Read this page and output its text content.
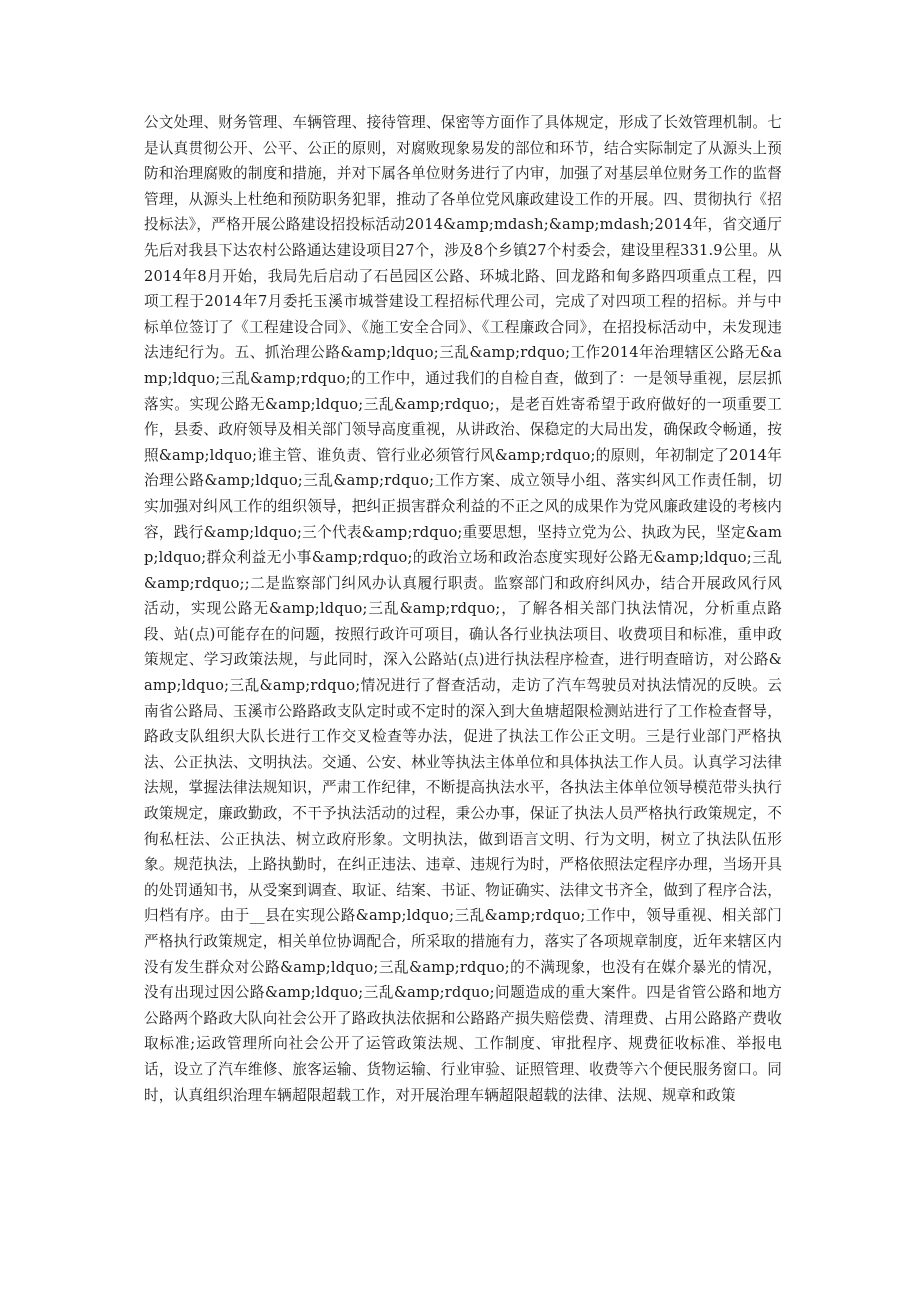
公文处理、财务管理、车辆管理、接待管理、保密等方面作了具体规定，形成了长效管理机制。七是认真贯彻公开、公平、公正的原则，对腐败现象易发的部位和环节，结合实际制定了从源头上预防和治理腐败的制度和措施，并对下属各单位财务进行了内审，加强了对基层单位财务工作的监督管理，从源头上杜绝和预防职务犯罪，推动了各单位党风廉政建设工作的开展。四、贯彻执行《招投标法》，严格开展公路建设招投标活动2014&amp;mdash;&amp;mdash;2014年，省交通厅先后对我县下达农村公路通达建设项目27个，涉及8个乡镇27个村委会，建设里程331.9公里。从2014年8月开始，我局先后启动了石邑园区公路、环城北路、回龙路和甸多路四项重点工程，四项工程于2014年7月委托玉溪市城誉建设工程招标代理公司，完成了对四项工程的招标。并与中标单位签订了《工程建设合同》、《施工安全合同》、《工程廉政合同》，在招投标活动中，未发现违法违纪行为。五、抓治理公路&amp;ldquo;三乱&amp;rdquo;工作2014年治理辖区公路无&amp;ldquo;三乱&amp;rdquo;的工作中，通过我们的自检自查，做到了：一是领导重视，层层抓落实。实现公路无&amp;ldquo;三乱&amp;rdquo;，是老百姓寄希望于政府做好的一项重要工作，县委、政府领导及相关部门领导高度重视，从讲政治、保稳定的大局出发，确保政令畅通，按照&amp;ldquo;谁主管、谁负责、管行业必须管行风&amp;rdquo;的原则，年初制定了2014年治理公路&amp;ldquo;三乱&amp;rdquo;工作方案、成立领导小组、落实纠风工作责任制，切实加强对纠风工作的组织领导，把纠正损害群众利益的不正之风的成果作为党风廉政建设的考核内容，践行&amp;ldquo;三个代表&amp;rdquo;重要思想，坚持立党为公、执政为民，坚定&amp;ldquo;群众利益无小事&amp;rdquo;的政治立场和政治态度实现好公路无&amp;ldquo;三乱&amp;rdquo;;二是监察部门纠风办认真履行职责。监察部门和政府纠风办，结合开展政风行风活动，实现公路无&amp;ldquo;三乱&amp;rdquo;，了解各相关部门执法情况，分析重点路段、站(点)可能存在的问题，按照行政许可项目，确认各行业执法项目、收费项目和标准，重申政策规定、学习政策法规，与此同时，深入公路站(点)进行执法程序检查，进行明查暗访，对公路&amp;ldquo;三乱&amp;rdquo;情况进行了督查活动，走访了汽车驾驶员对执法情况的反映。云南省公路局、玉溪市公路路政支队定时或不定时的深入到大鱼塘超限检测站进行了工作检查督导，路政支队组织大队长进行工作交叉检查等办法，促进了执法工作公正文明。三是行业部门严格执法、公正执法、文明执法。交通、公安、林业等执法主体单位和具体执法工作人员。认真学习法律法规，掌握法律法规知识，严肃工作纪律，不断提高执法水平，各执法主体单位领导模范带头执行政策规定，廉政勤政，不干予执法活动的过程，秉公办事，保证了执法人员严格执行政策规定，不徇私枉法、公正执法、树立政府形象。文明执法，做到语言文明、行为文明，树立了执法队伍形象。规范执法，上路执勤时，在纠正违法、违章、违规行为时，严格依照法定程序办理，当场开具的处罚通知书，从受案到调查、取证、结案、书证、物证确实、法律文书齐全，做到了程序合法，归档有序。由于__县在实现公路&amp;ldquo;三乱&amp;rdquo;工作中，领导重视、相关部门严格执行政策规定，相关单位协调配合，所采取的措施有力，落实了各项规章制度，近年来辖区内没有发生群众对公路&amp;ldquo;三乱&amp;rdquo;的不满现象，也没有在媒介暴光的情况，没有出现过因公路&amp;ldquo;三乱&amp;rdquo;问题造成的重大案件。四是省管公路和地方公路两个路政大队向社会公开了路政执法依据和公路路产损失赔偿费、清理费、占用公路路产费收取标准;运政管理所向社会公开了运管政策法规、工作制度、审批程序、规费征收标准、举报电话，设立了汽车维修、旅客运输、货物运输、行业审验、证照管理、收费等六个便民服务窗口。同时，认真组织治理车辆超限超载工作，对开展治理车辆超限超载的法律、法规、规章和政策
